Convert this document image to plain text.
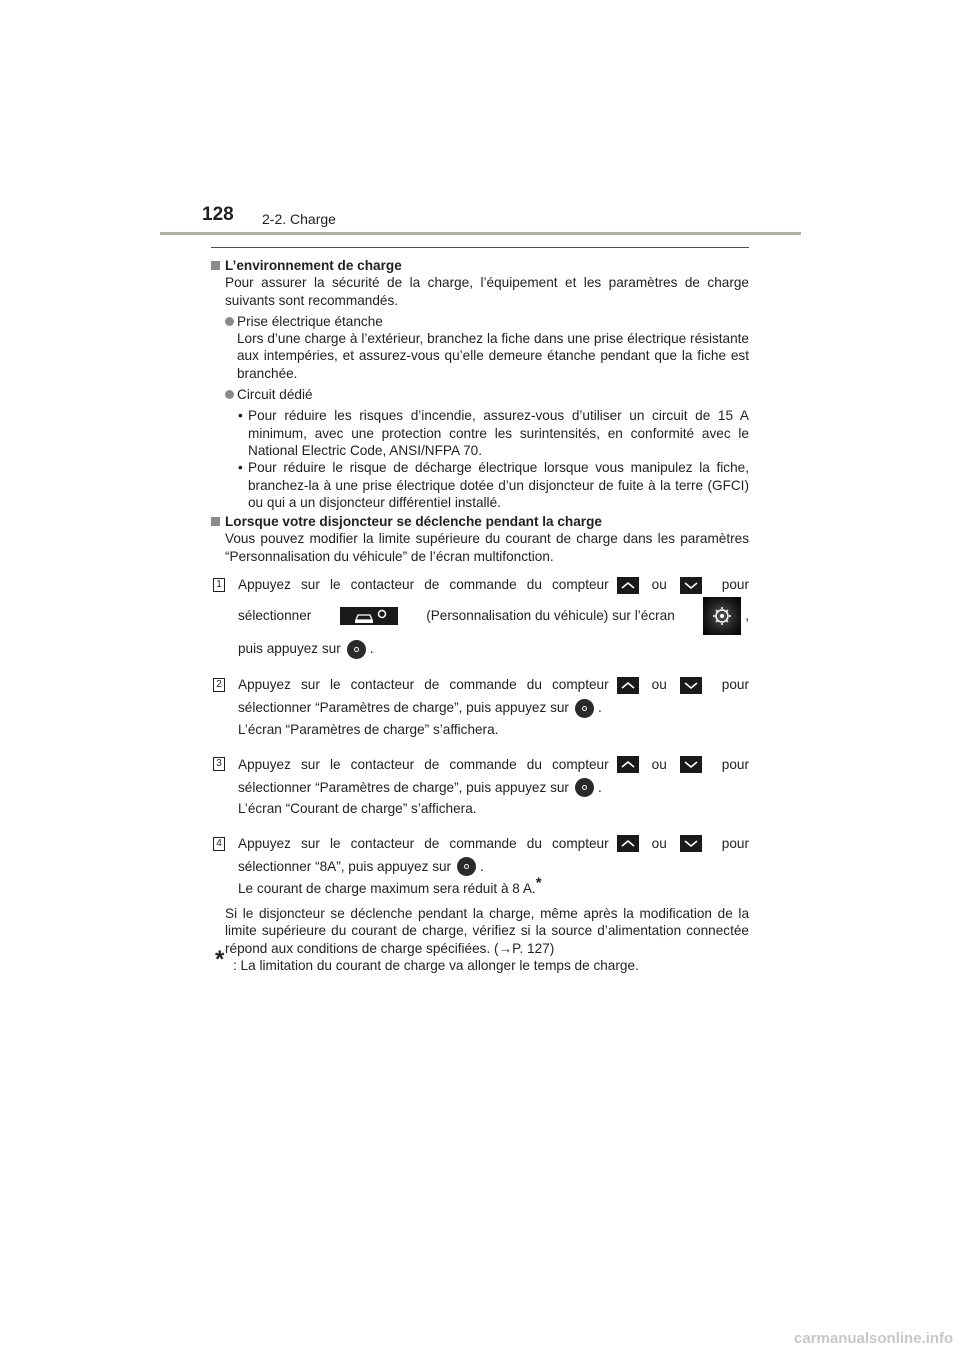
128 2-2. Charge

L’environnement de charge

Pour assurer la sécurité de la charge, l’équipement et les paramètres de charge suivants sont recommandés.

Prise électrique étanche

Lors d’une charge à l’extérieur, branchez la fiche dans une prise électrique résistante aux intempéries, et assurez-vous qu’elle demeure étanche pendant que la fiche est branchée.

Circuit dédié

• Pour réduire les risques d’incendie, assurez-vous d’utiliser un circuit de 15 A minimum, avec une protection contre les surintensités, en conformité avec le National Electric Code, ANSI/NFPA 70.

• Pour réduire le risque de décharge électrique lorsque vous manipulez la fiche, branchez-la à une prise électrique dotée d’un disjoncteur de fuite à la terre (GFCI) ou qui a un disjoncteur différentiel installé.

Lorsque votre disjoncteur se déclenche pendant la charge

Vous pouvez modifier la limite supérieure du courant de charge dans les paramètres “Personnalisation du véhicule” de l’écran multifonction.

1 Appuyez sur le contacteur de commande du compteur	ou	pour
sélectionner	(Personnalisation du véhicule) sur l’écran	,
puis appuyez sur .
2 Appuyez sur le contacteur de commande du compteur	ou	pour
sélectionner “Paramètres de charge”, puis appuyez sur .

L’écran “Paramètres de charge” s’affichera.

3 Appuyez sur le contacteur de commande du compteur	ou	pour
sélectionner “Paramètres de charge”, puis appuyez sur .

L’écran “Courant de charge” s’affichera.

4 Appuyez sur le contacteur de commande du compteur	ou	pour
sélectionner “8A”, puis appuyez sur .

Le courant de charge maximum sera réduit à 8 A.*

Si le disjoncteur se déclenche pendant la charge, même après la modification de la limite supérieure du courant de charge, vérifiez si la source d’alimentation connectée répond aux conditions de charge spécifiées. (→P. 127)

* : La limitation du courant de charge va allonger le temps de charge.

carmanualsonline.info
